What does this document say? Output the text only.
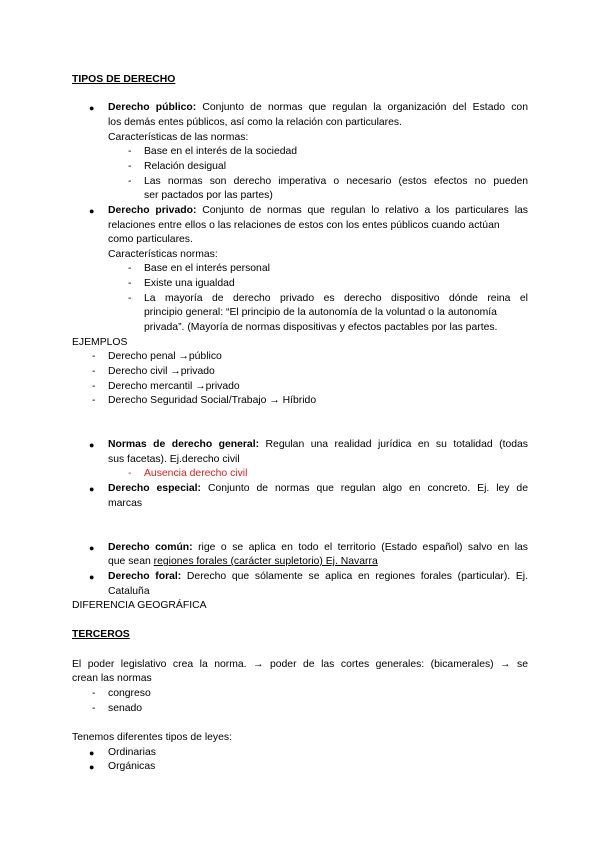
TIPOS DE DERECHO
● Derecho público: Conjunto de normas que regulan la organización del Estado con
los demás entes públicos, así como la relación con particulares.
Características de las normas:
- Base en el interés de la sociedad
- Relación desigual
- Las normas son derecho imperativa o necesario (estos efectos no pueden
ser pactados por las partes)
● Derecho privado: Conjunto de normas que regulan lo relativo a los particulares las
relaciones entre ellos o las relaciones de estos con los entes públicos cuando actúan
como particulares.
Características normas:
- Base en el interés personal
- Existe una igualdad
- La mayoría de derecho privado es derecho dispositivo dónde reina el
principio general: “El principio de la autonomía de la voluntad o la autonomía
privada”. (Mayoría de normas dispositivas y efectos pactables por las partes.
EJEMPLOS
- Derecho penal →público
- Derecho civil →privado
- Derecho mercantil →privado
- Derecho Seguridad Social/Trabajo → Híbrido
● Normas de derecho general: Regulan una realidad jurídica en su totalidad (todas
sus facetas). Ej.derecho civil
- Ausencia derecho civil
● Derecho especial: Conjunto de normas que regulan algo en concreto. Ej. ley de
marcas
● Derecho común: rige o se aplica en todo el territorio (Estado español) salvo en las
que sean regiones forales (carácter supletorio) Ej. Navarra
● Derecho foral: Derecho que sólamente se aplica en regiones forales (particular). Ej.
Cataluña
DIFERENCIA GEOGRÁFICA
TERCEROS
El poder legislativo crea la norma. → poder de las cortes generales: (bicamerales) → se
crean las normas
- congreso
- senado
Tenemos diferentes tipos de leyes:
● Ordinarias
● Orgánicas
